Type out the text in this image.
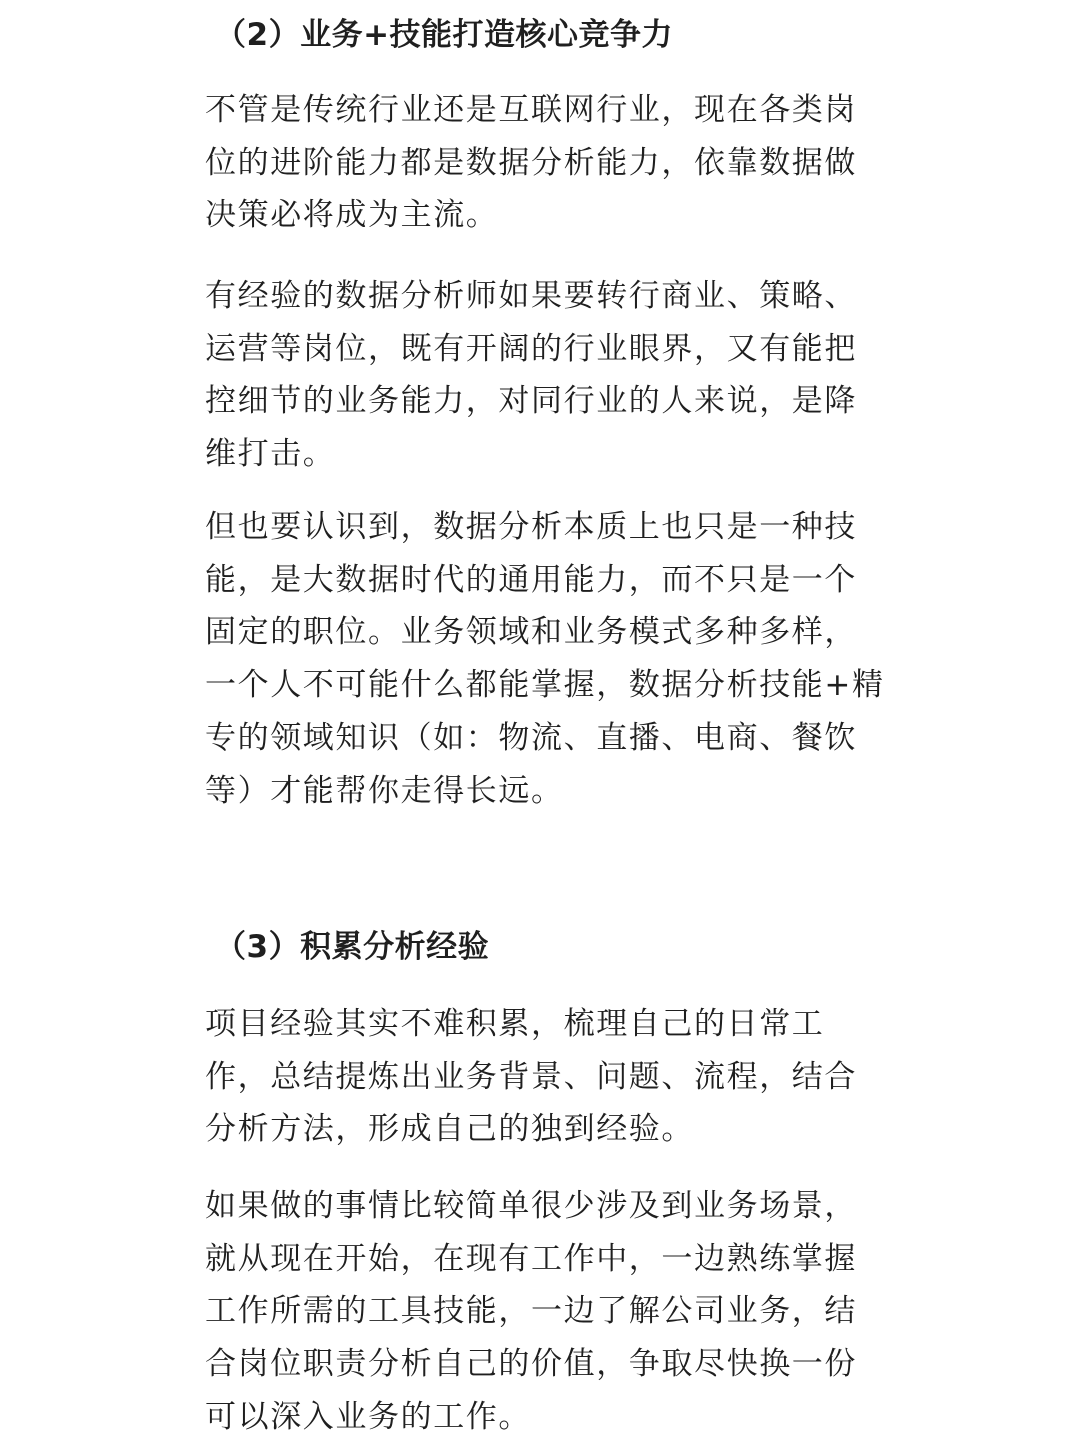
（2）业务+技能打造核心竞争力

不管是传统行业还是互联网行业，现在各类岗
位的进阶能力都是数据分析能力，依靠数据做
决策必将成为主流。

有经验的数据分析师如果要转行商业、策略、
运营等岗位，既有开阔的行业眼界，又有能把
控细节的业务能力，对同行业的人来说，是降
维打击。

但也要认识到，数据分析本质上也只是一种技
能，是大数据时代的通用能力，而不只是一个
固定的职位。业务领域和业务模式多种多样，
一个人不可能什么都能掌握，数据分析技能+精
专的领域知识（如：物流、直播、电商、餐饮
等）才能帮你走得长远。

（3）积累分析经验

项目经验其实不难积累，梳理自己的日常工
作，总结提炼出业务背景、问题、流程，结合
分析方法，形成自己的独到经验。

如果做的事情比较简单很少涉及到业务场景，
就从现在开始，在现有工作中，一边熟练掌握
工作所需的工具技能，一边了解公司业务，结
合岗位职责分析自己的价值，争取尽快换一份
可以深入业务的工作。
